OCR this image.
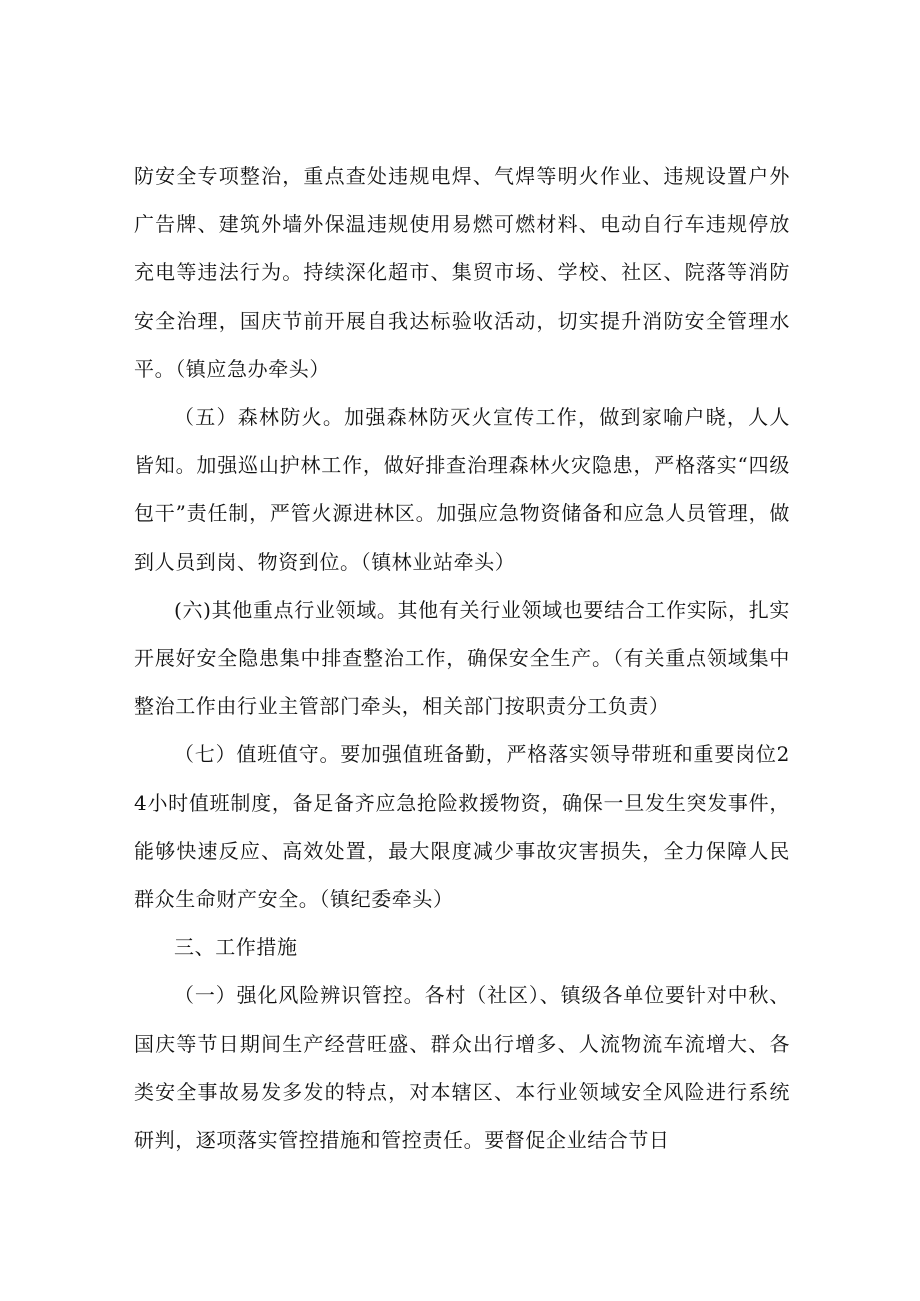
防安全专项整治，重点查处违规电焊、气焊等明火作业、违规设置户外广告牌、建筑外墙外保温违规使用易燃可燃材料、电动自行车违规停放充电等违法行为。持续深化超市、集贸市场、学校、社区、院落等消防安全治理，国庆节前开展自我达标验收活动，切实提升消防安全管理水平。（镇应急办牵头）

（五）森林防火。加强森林防灭火宣传工作，做到家喻户晓，人人皆知。加强巡山护林工作，做好排查治理森林火灾隐患，严格落实“四级包干”责任制，严管火源进林区。加强应急物资储备和应急人员管理，做到人员到岗、物资到位。（镇林业站牵头）

(六)其他重点行业领域。其他有关行业领域也要结合工作实际，扎实开展好安全隐患集中排查整治工作，确保安全生产。（有关重点领域集中整治工作由行业主管部门牵头，相关部门按职责分工负责）

（七）值班值守。要加强值班备勤，严格落实领导带班和重要岗位24小时值班制度，备足备齐应急抢险救援物资，确保一旦发生突发事件，能够快速反应、高效处置，最大限度减少事故灾害损失，全力保障人民群众生命财产安全。（镇纪委牵头）

三、工作措施

（一）强化风险辨识管控。各村（社区）、镇级各单位要针对中秋、国庆等节日期间生产经营旺盛、群众出行增多、人流物流车流增大、各类安全事故易发多发的特点，对本辖区、本行业领域安全风险进行系统研判，逐项落实管控措施和管控责任。要督促企业结合节日
